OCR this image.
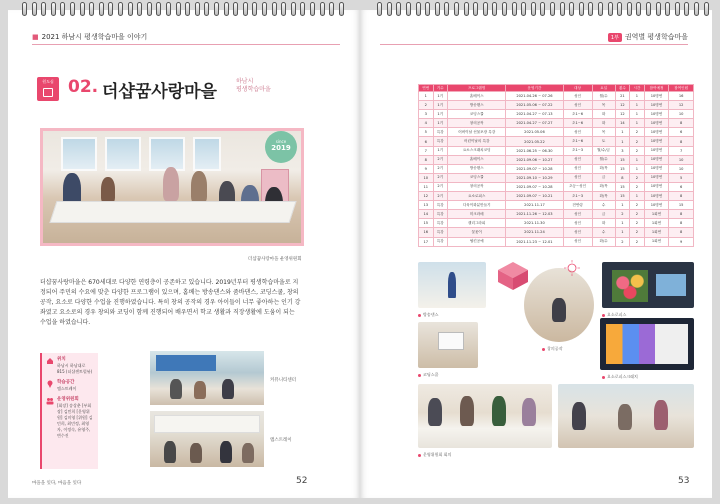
■ 2021 하남시 평생학습마을 이야기
원도심 02. 더샵꿈사랑마을
하남시
평생학습마을
since
2019
더샵꿈사랑마을 운영위원회
더샵꿈사랑마을은 670세대로 다양한 연령층이 공존하고 있습니다. 2019년부터 평생학습마을로 지정되어 주민의 수요에 맞춘 다양한 프로그램이 있으며, 홈베는 방송댄스와 줌바댄스, 코딩스쿨, 창의공작, 요소로 다양한 수업을 진행하였습니다. 특히 창의 공작의 경우 아이들이 너무 좋아하는 인기 강좌였고 요소로의 경우 창의와 코딩이 함께 진행되어 배우면서 학교 생활과 직장생활에 도움이 되는 수업을 하였습니다.
위치
하남시 하남대로 815 (더샵센트럴뷰)
학습공간
앰스트레이
운영위원회
[회장] 송상춘 [부회장] 김민희 [운영위원] 김미영 [위원] 김민희, 최민정, 최영자, 이정숙, 유영주, 변수진
커뮤니티센터
앰스트레이
마을을 잇다, 마음을 잇다	52
1부 권역별 평생학습마을
연번	기수	프로그램명	운영기간	대상	요일	횟수	시간	참여예정	참여인원
1	1기	홈베이스	2021.04.26 ~ 07.26	성인	월/수	21	1	10명연	16
2	1기	방송댄스	2021.05.06 ~ 07.22	성인	목	12	1	10명연	12
3	1기	코딩스쿨	2021.04.27 ~ 07.13	초1~6	화	12	1	10명연	10
4	1기	창의공작	2021.04.27 ~ 07.27	초1~6	화	14	1	10명연	8
5	특강	어버이날 선물포장 특강	2021.05.06	성인	목	1	2	10명연	6
6	특강	어린이날의 특강	2021.05.22	초1~6	토	1	2	10명연	8
7	1기	요소스크래치코딩	2021.06.25 ~ 06.30	초1~3	월/수/금	3	2	10명연	7
8	2기	홈베이스	2021.09.06 ~ 10.27	성인	월/수	15	1	10명연	10
9	2기	방송댄스	2021.09.07 ~ 10.28	성인	화/목	15	1	10명연	10
10	2기	코딩스쿨	2021.09.10 ~ 10.29	성인	금	8	2	10명연	5
11	2기	창의공작	2021.09.07 ~ 10.28	초등~성인	화/목	15	2	10명연	6
12	2기	요소로피스	2021.09.07 ~ 10.21	초1~3	화/목	15	1	10명연	8
13	특강	다육이화분만들기	2021.11.17	전연령	수	1	2	10명연	15
14	특강	미크라메	2021.11.26 ~ 12.03	성인	금	2	2	1회연	8
15	특강	캘리그라피	2021.11.30	성인	화	1	2	1회연	8
16	특강	꽃꽂이	2021.11.24	성인	수	1	2	1회연	8
17	특강	냅킨공예	2021.11.23 ~ 12.01	성인	화/수	2	2	1회연	9
방송댄스
창의공작
요소로피스
코딩스쿨	요소로피스크래치
운영위원회 회의
53
